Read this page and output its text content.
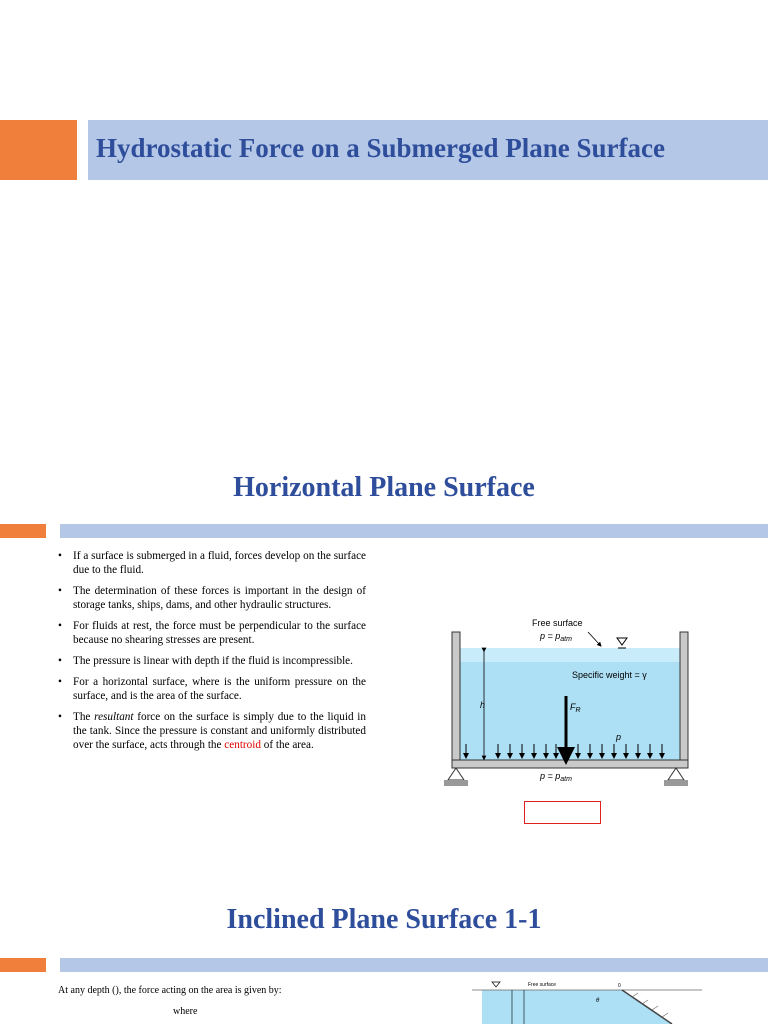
Hydrostatic Force on a Submerged Plane Surface
Horizontal Plane Surface
• If a surface is submerged in a fluid, forces develop on the surface due to the fluid.
• The determination of these forces is important in the design of storage tanks, ships, dams, and other hydraulic structures.
• For fluids at rest, the force must be perpendicular to the surface because no shearing stresses are present.
• The pressure is linear with depth if the fluid is incompressible.
• For a horizontal surface, where is the uniform pressure on the surface, and is the area of the surface.
• The resultant force on the surface is simply due to the liquid in the tank. Since the pressure is constant and uniformly distributed over the surface, acts through the centroid of the area.
Free surface
$p = p_{atm}$
Specific weight = γ
h	$F_R$
p
$p = p_{atm}$
Inclined Plane Surface 1-1

At any depth (), the force acting on the area is given by:

where

Free surface
θ
0
